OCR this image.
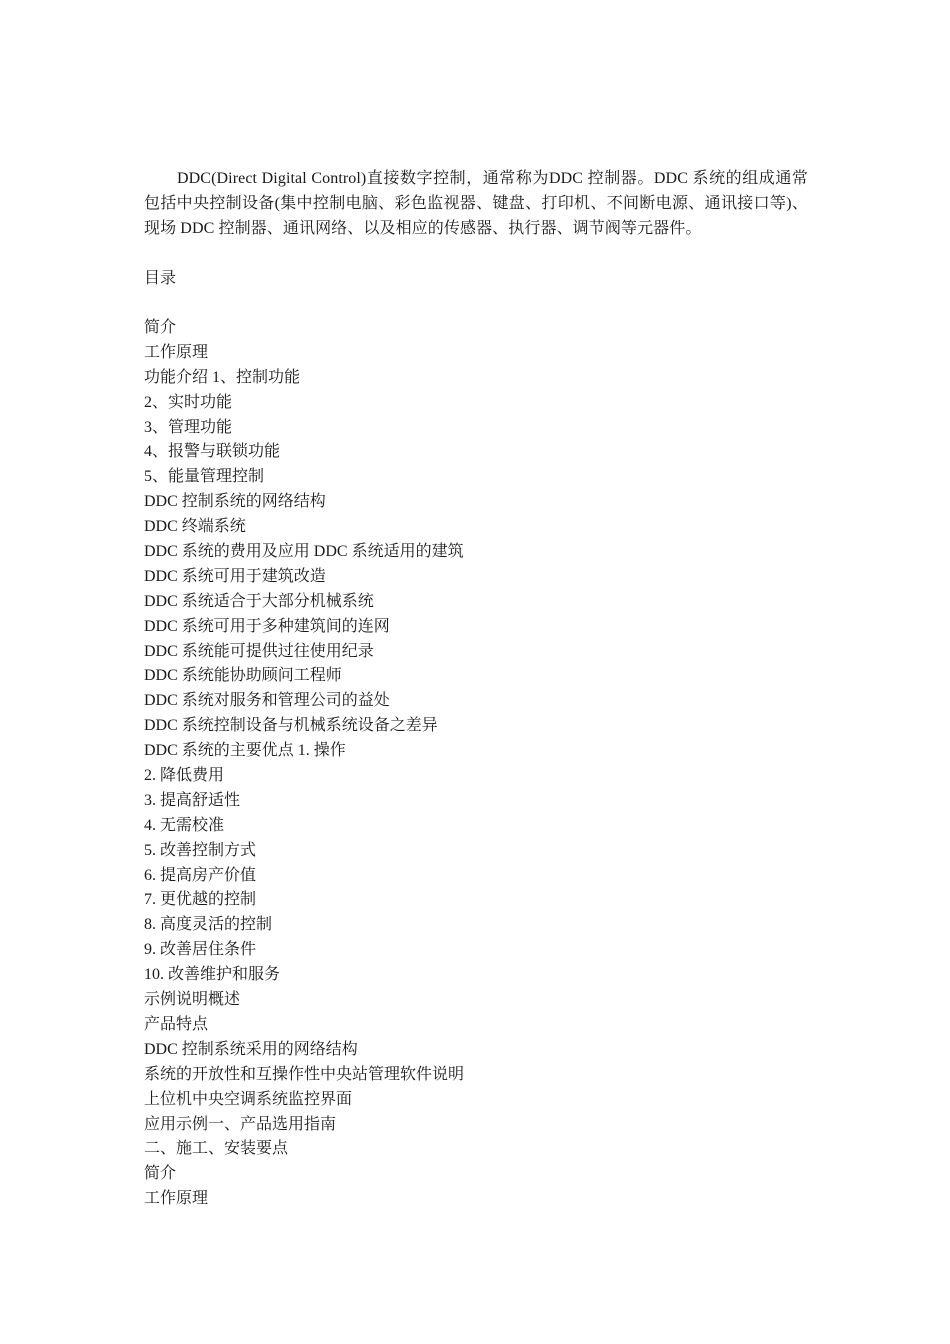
DDC(Direct Digital Control)直接数字控制，通常称为DDC 控制器。DDC 系统的组成通常包括中央控制设备(集中控制电脑、彩色监视器、键盘、打印机、不间断电源、通讯接口等)、现场 DDC 控制器、通讯网络、以及相应的传感器、执行器、调节阀等元器件。

目录
简介
工作原理
功能介绍 1、控制功能
2、实时功能
3、管理功能
4、报警与联锁功能
5、能量管理控制
DDC 控制系统的网络结构
DDC 终端系统
DDC 系统的费用及应用 DDC 系统适用的建筑
DDC 系统可用于建筑改造
DDC 系统适合于大部分机械系统
DDC 系统可用于多种建筑间的连网
DDC 系统能可提供过往使用纪录
DDC 系统能协助顾问工程师
DDC 系统对服务和管理公司的益处
DDC 系统控制设备与机械系统设备之差异
DDC 系统的主要优点 1. 操作
2. 降低费用
3. 提高舒适性
4. 无需校准
5. 改善控制方式
6. 提高房产价值
7. 更优越的控制
8. 高度灵活的控制
9. 改善居住条件
10. 改善维护和服务
示例说明概述
产品特点
DDC 控制系统采用的网络结构
系统的开放性和互操作性中央站管理软件说明
上位机中央空调系统监控界面
应用示例一、产品选用指南
二、施工、安装要点
简介
工作原理
